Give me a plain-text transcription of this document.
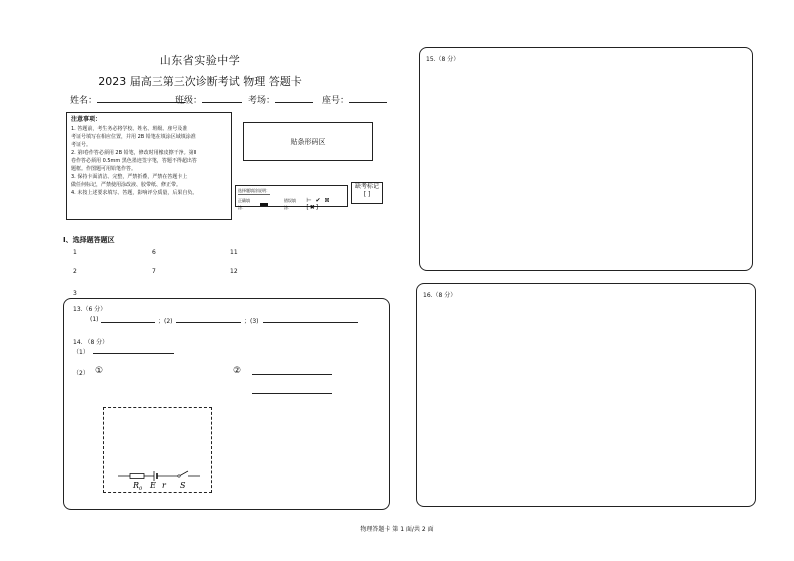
山东省实验中学
2023 届高三第三次诊断考试 物理 答题卡
姓名：	班级：	考场：	座号：
注意事项：
1. 答题前，考生务必将学校、姓名、班级、座号及准
考证号填写在相应位置，并用 2B 铅笔在填涂区域填涂准
考证号。
2. 第Ⅰ卷作答必须用 2B 铅笔，修改时用橡皮擦干净。第Ⅱ
卷作答必须用 0.5mm 黑色墨迹签字笔，答题不得超出答
题框。作图题可用铅笔作答。
3. 保持卡面清洁、完整，严禁折叠，严禁在答题卡上
做任何标记，严禁使用涂改液、胶带纸、修正带。
4. 未按上述要求填写、答题，影响评分质量，后果自负。
贴条形码区
选择题填涂说明：
正确填涂：
错误填涂：
⊢ ✔ ⊠ [✖]
缺考标记
[ ]
Ⅰ、选择题答题区
1	6	11
2	7	12
3
13.（6 分）
(1)	；(2)	；(3)
14. （8 分）
（1）
（2） ①	②
R 0 E r S
15.（8 分）
16.（8 分）
物理答题卡 第 1 面/共 2 面
